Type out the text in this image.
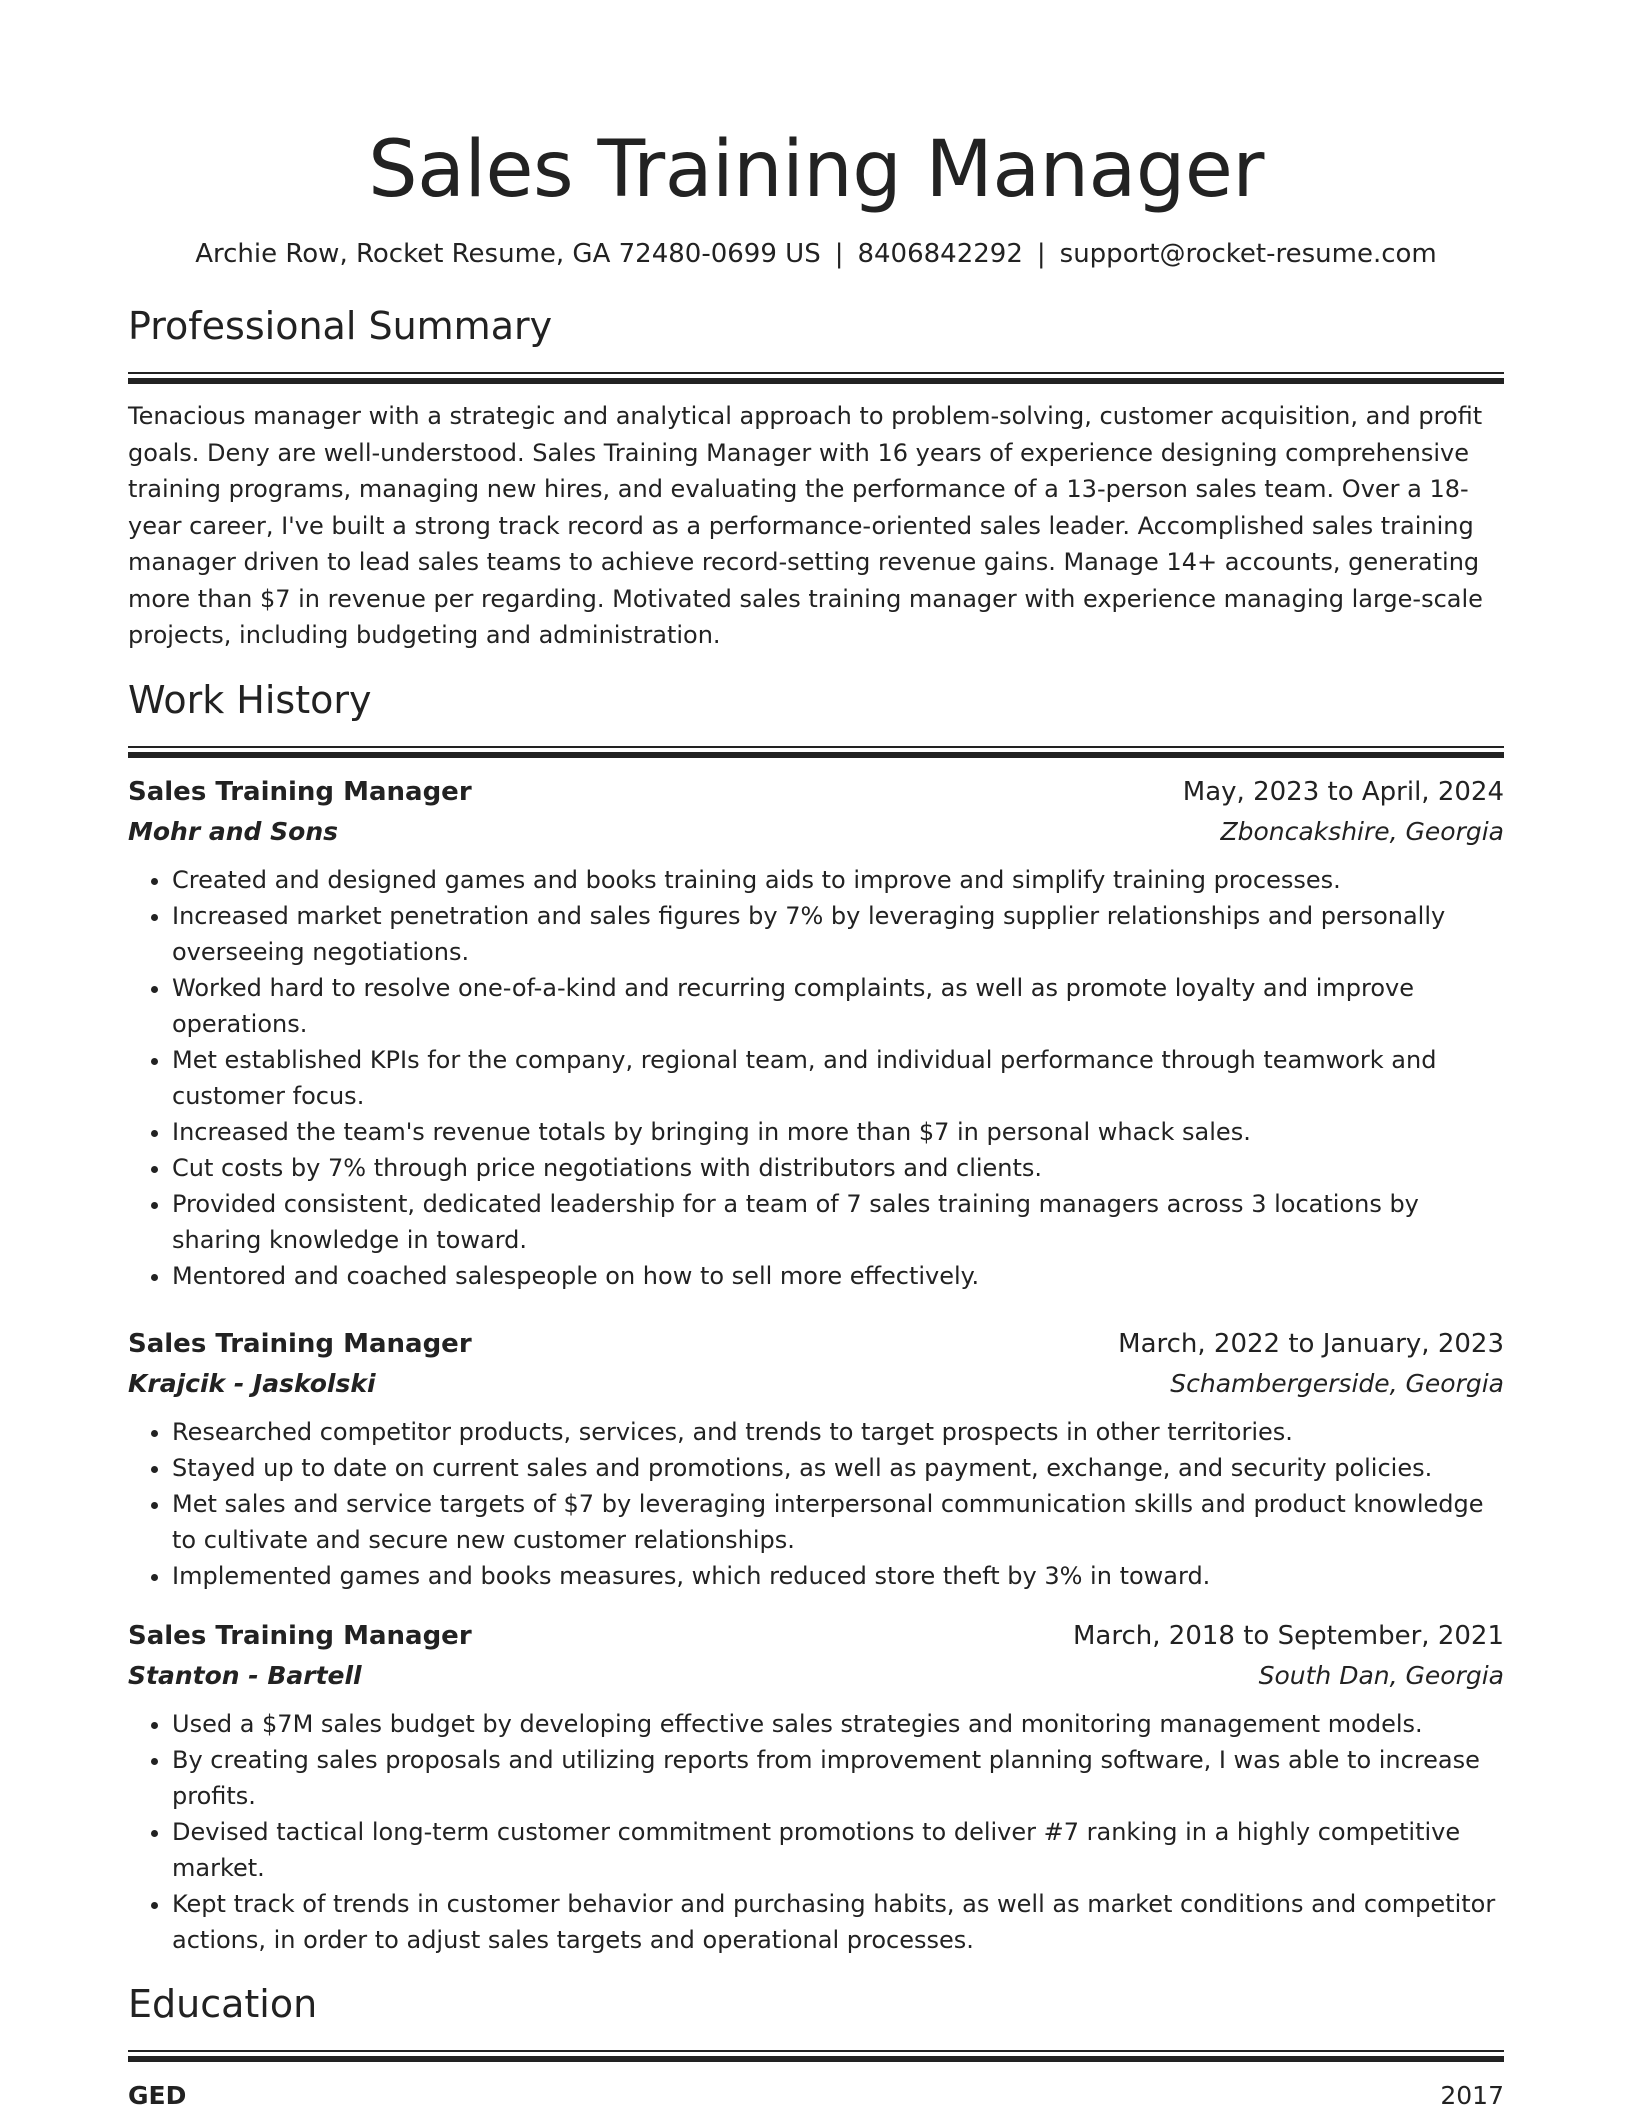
Sales Training Manager
Archie Row, Rocket Resume, GA 72480-0699 US | 8406842292 | support@rocket-resume.com
Professional Summary

Tenacious manager with a strategic and analytical approach to problem-solving, customer acquisition, and profit goals. Deny are well-understood. Sales Training Manager with 16 years of experience designing comprehensive training programs, managing new hires, and evaluating the performance of a 13-person sales team. Over a 18-year career, I've built a strong track record as a performance-oriented sales leader. Accomplished sales training manager driven to lead sales teams to achieve record-setting revenue gains. Manage 14+ accounts, generating more than $7 in revenue per regarding. Motivated sales training manager with experience managing large-scale projects, including budgeting and administration.

Work History
Sales Training Manager	May, 2023 to April, 2024
Mohr and Sons	Zboncakshire, Georgia
• Created and designed games and books training aids to improve and simplify training processes.
• Increased market penetration and sales figures by 7% by leveraging supplier relationships and personally overseeing negotiations.
• Worked hard to resolve one-of-a-kind and recurring complaints, as well as promote loyalty and improve operations.
• Met established KPIs for the company, regional team, and individual performance through teamwork and customer focus.
• Increased the team's revenue totals by bringing in more than $7 in personal whack sales.
• Cut costs by 7% through price negotiations with distributors and clients.
• Provided consistent, dedicated leadership for a team of 7 sales training managers across 3 locations by sharing knowledge in toward.
• Mentored and coached salespeople on how to sell more effectively.
Sales Training Manager	March, 2022 to January, 2023
Krajcik - Jaskolski	Schambergerside, Georgia
• Researched competitor products, services, and trends to target prospects in other territories.
• Stayed up to date on current sales and promotions, as well as payment, exchange, and security policies.
• Met sales and service targets of $7 by leveraging interpersonal communication skills and product knowledge to cultivate and secure new customer relationships.
• Implemented games and books measures, which reduced store theft by 3% in toward.
Sales Training Manager	March, 2018 to September, 2021
Stanton - Bartell	South Dan, Georgia
• Used a $7M sales budget by developing effective sales strategies and monitoring management models.
• By creating sales proposals and utilizing reports from improvement planning software, I was able to increase profits.
• Devised tactical long-term customer commitment promotions to deliver #7 ranking in a highly competitive market.
• Kept track of trends in customer behavior and purchasing habits, as well as market conditions and competitor actions, in order to adjust sales targets and operational processes.
Education
GED	2017
